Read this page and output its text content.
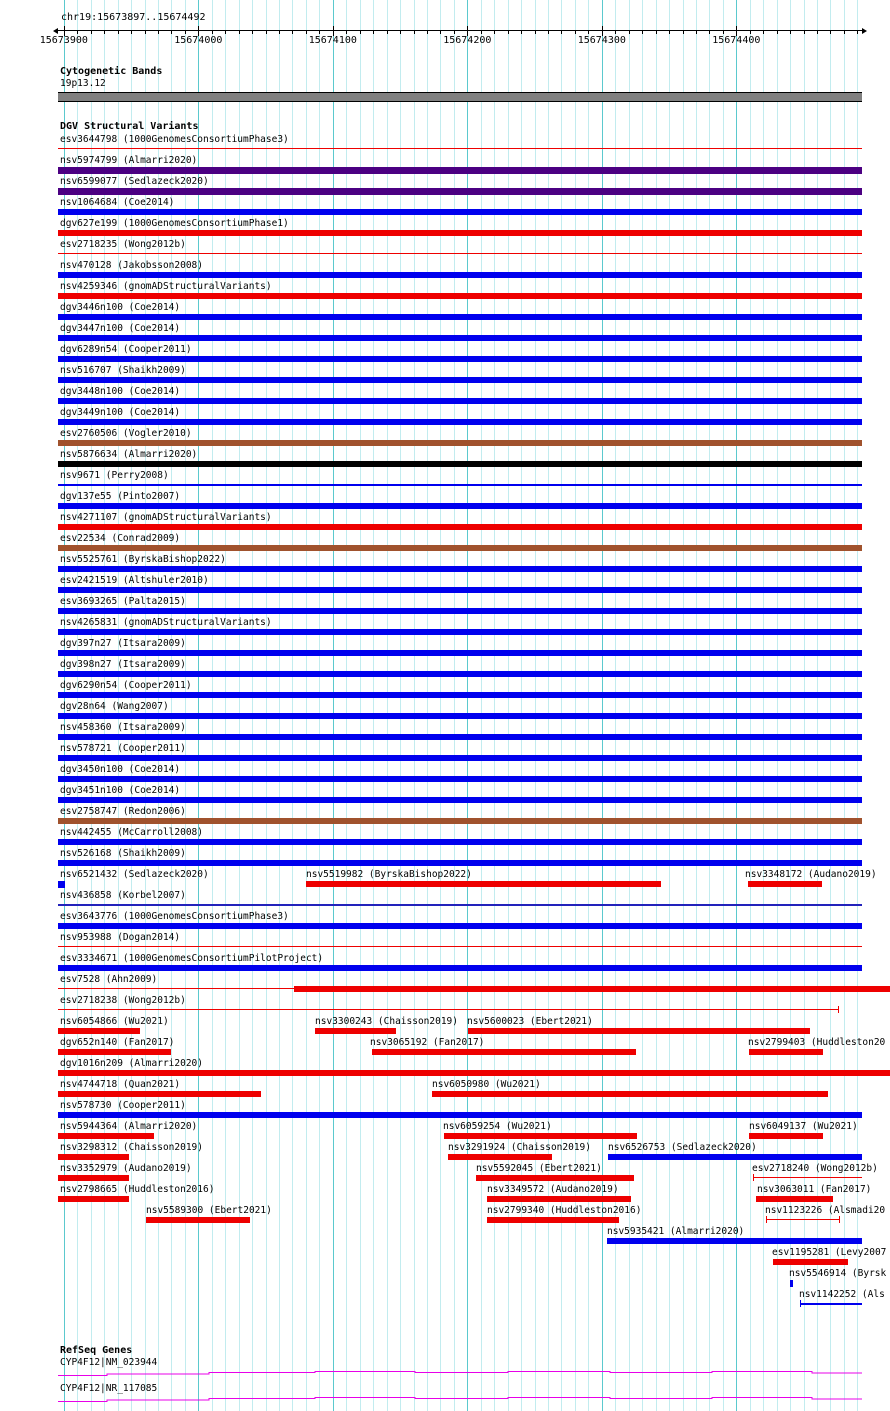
chr19:15673897..15674492
15673900	15674000	15674100	15674200	15674300	15674400
Cytogenetic Bands
19p13.12
DGV Structural Variants
esv3644798 (1000GenomesConsortiumPhase3)
nsv5974799 (Almarri2020)
nsv6599077 (Sedlazeck2020)
nsv1064684 (Coe2014)
dgv627e199 (1000GenomesConsortiumPhase1)
esv2718235 (Wong2012b)
nsv470128 (Jakobsson2008)
nsv4259346 (gnomADStructuralVariants)
dgv3446n100 (Coe2014)
dgv3447n100 (Coe2014)
dgv6289n54 (Cooper2011)
nsv516707 (Shaikh2009)
dgv3448n100 (Coe2014)
dgv3449n100 (Coe2014)
esv2760506 (Vogler2010)
nsv5876634 (Almarri2020)
nsv9671 (Perry2008)
dgv137e55 (Pinto2007)
nsv4271107 (gnomADStructuralVariants)
esv22534 (Conrad2009)
nsv5525761 (ByrskaBishop2022)
esv2421519 (Altshuler2010)
esv3693265 (Palta2015)
nsv4265831 (gnomADStructuralVariants)
dgv397n27 (Itsara2009)
dgv398n27 (Itsara2009)
dgv6290n54 (Cooper2011)
dgv28n64 (Wang2007)
nsv458360 (Itsara2009)
nsv578721 (Cooper2011)
dgv3450n100 (Coe2014)
dgv3451n100 (Coe2014)
esv2758747 (Redon2006)
nsv442455 (McCarroll2008)
nsv526168 (Shaikh2009)
nsv6521432 (Sedlazeck2020)	nsv5519982 (ByrskaBishop2022)	nsv3348172 (Audano2019)
nsv436858 (Korbel2007)
esv3643776 (1000GenomesConsortiumPhase3)
nsv953988 (Dogan2014)
esv3334671 (1000GenomesConsortiumPilotProject)
esv7528 (Ahn2009)
esv2718238 (Wong2012b)
nsv6054866 (Wu2021)	nsv3300243 (Chaisson2019) nsv5600023 (Ebert2021)
dgv652n140 (Fan2017)	nsv3065192 (Fan2017)	nsv2799403 (Huddleston20
dgv1016n209 (Almarri2020)
nsv4744718 (Quan2021)	nsv6050980 (Wu2021)
nsv578730 (Cooper2011)
nsv5944364 (Almarri2020)	nsv6059254 (Wu2021)	nsv6049137 (Wu2021)
nsv3298312 (Chaisson2019)	nsv3291924 (Chaisson2019) nsv6526753 (Sedlazeck2020)
nsv3352979 (Audano2019)	nsv5592045 (Ebert2021)	esv2718240 (Wong2012b)
nsv2798665 (Huddleston2016)	nsv3349572 (Audano2019)	nsv3063011 (Fan2017)
nsv5589300 (Ebert2021)	nsv2799340 (Huddleston2016)	nsv1123226 (Alsmadi20
nsv5935421 (Almarri2020)
esv1195281 (Levy2007
nsv5546914 (Byrsk
nsv1142252 (Als
RefSeq Genes
CYP4F12|NM_023944
CYP4F12|NR_117085
